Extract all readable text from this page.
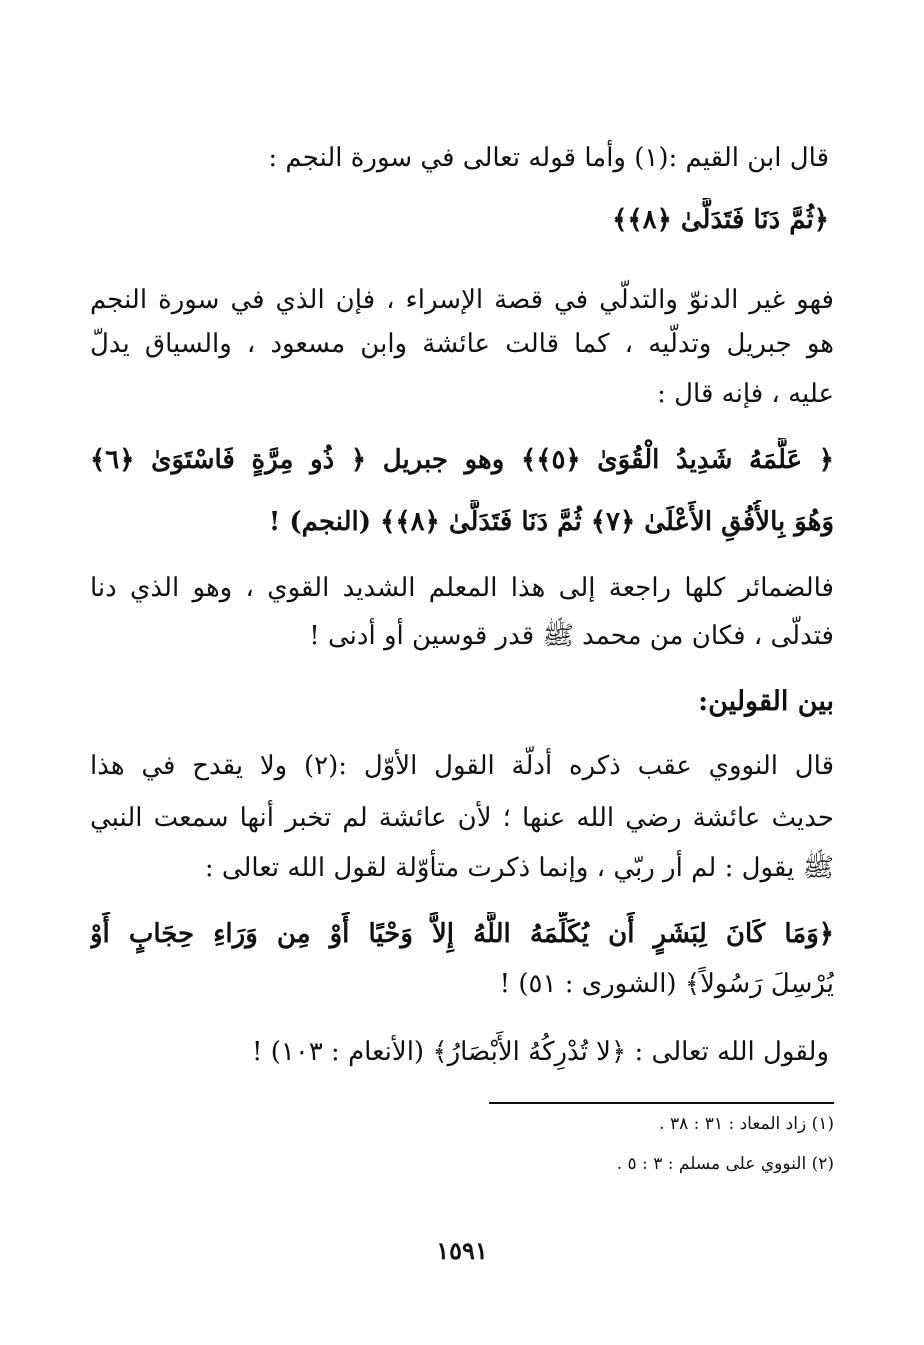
قال ابن القيم :(١) وأما قوله تعالى في سورة النجم :
﴿ثُمَّ دَنَا فَتَدَلَّىٰ ﴿٨﴾﴾
فهو غير الدنوّ والتدلّي في قصة الإسراء ، فإن الذي في سورة النجم
هو جبريل وتدلّيه ، كما قالت عائشة وابن مسعود ، والسياق يدلّ
عليه ، فإنه قال :
﴿ عَلَّمَهُ شَدِيدُ الْقُوَىٰ ﴿٥﴾﴾ وهو جبريل ﴿ ذُو مِرَّةٍ فَاسْتَوَىٰ ﴿٦﴾
وَهُوَ بِالأُفُقِ الأَعْلَىٰ ﴿٧﴾ ثُمَّ دَنَا فَتَدَلَّىٰ ﴿٨﴾﴾ (النجم) !
فالضمائر كلها راجعة إلى هذا المعلم الشديد القوي ، وهو الذي دنا
فتدلّى ، فكان من محمد ﷺ قدر قوسين أو أدنى !
بين القولين:
قال النووي عقب ذكره أدلّة القول الأوّل :(٢) ولا يقدح في هذا
حديث عائشة رضي الله عنها ؛ لأن عائشة لم تخبر أنها سمعت النبي
ﷺ يقول : لم أر ربّي ، وإنما ذكرت متأوّلة لقول الله تعالى :
﴿وَمَا كَانَ لِبَشَرٍ أَن يُكَلِّمَهُ اللَّهُ إِلاَّ وَحْيًا أَوْ مِن وَرَاءِ حِجَابٍ أَوْ
يُرْسِلَ رَسُولاً﴾ (الشورى : ٥١) !
ولقول الله تعالى : ﴿لا تُدْرِكُهُ الأَبْصَارُ﴾ (الأنعام : ١٠٣) !
(١) زاد المعاد : ٣١ : ٣٨ .
(٢) النووي على مسلم : ٣ : ٥ .
١٥٩١
